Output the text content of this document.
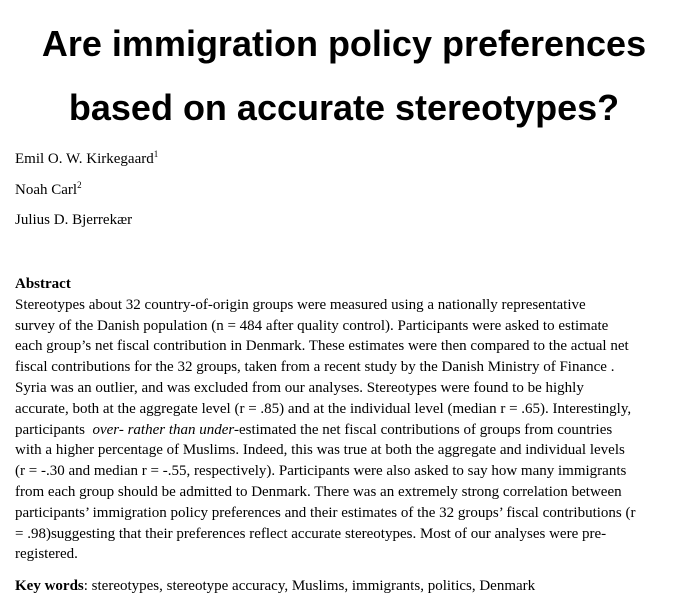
Are immigration policy preferences
based on accurate stereotypes?
Emil O. W. Kirkegaard$^1$
Noah Carl$^2$
Julius D. Bjerrekær
Abstract
Stereotypes about 32 country-of-origin groups were measured using a nationally representative
survey of the Danish population (n = 484 after quality control). Participants were asked to estimate
each group’s net fiscal contribution in Denmark. These estimates were then compared to the actual net
fiscal contributions for the 32 groups, taken from a recent study by the Danish Ministry of Finance .
Syria was an outlier, and was excluded from our analyses. Stereotypes were found to be highly
accurate, both at the aggregate level (r = .85) and at the individual level (median r = .65). Interestingly,
participants  over- rather than under-estimated the net fiscal contributions of groups from countries
with a higher percentage of Muslims. Indeed, this was true at both the aggregate and individual levels
(r = -.30 and median r = -.55, respectively). Participants were also asked to say how many immigrants
from each group should be admitted to Denmark. There was an extremely strong correlation between
participants’ immigration policy preferences and their estimates of the 32 groups’ fiscal contributions (r
= .98)suggesting that their preferences reflect accurate stereotypes. Most of our analyses were pre-
registered.
Key words: stereotypes, stereotype accuracy, Muslims, immigrants, politics, Denmark
